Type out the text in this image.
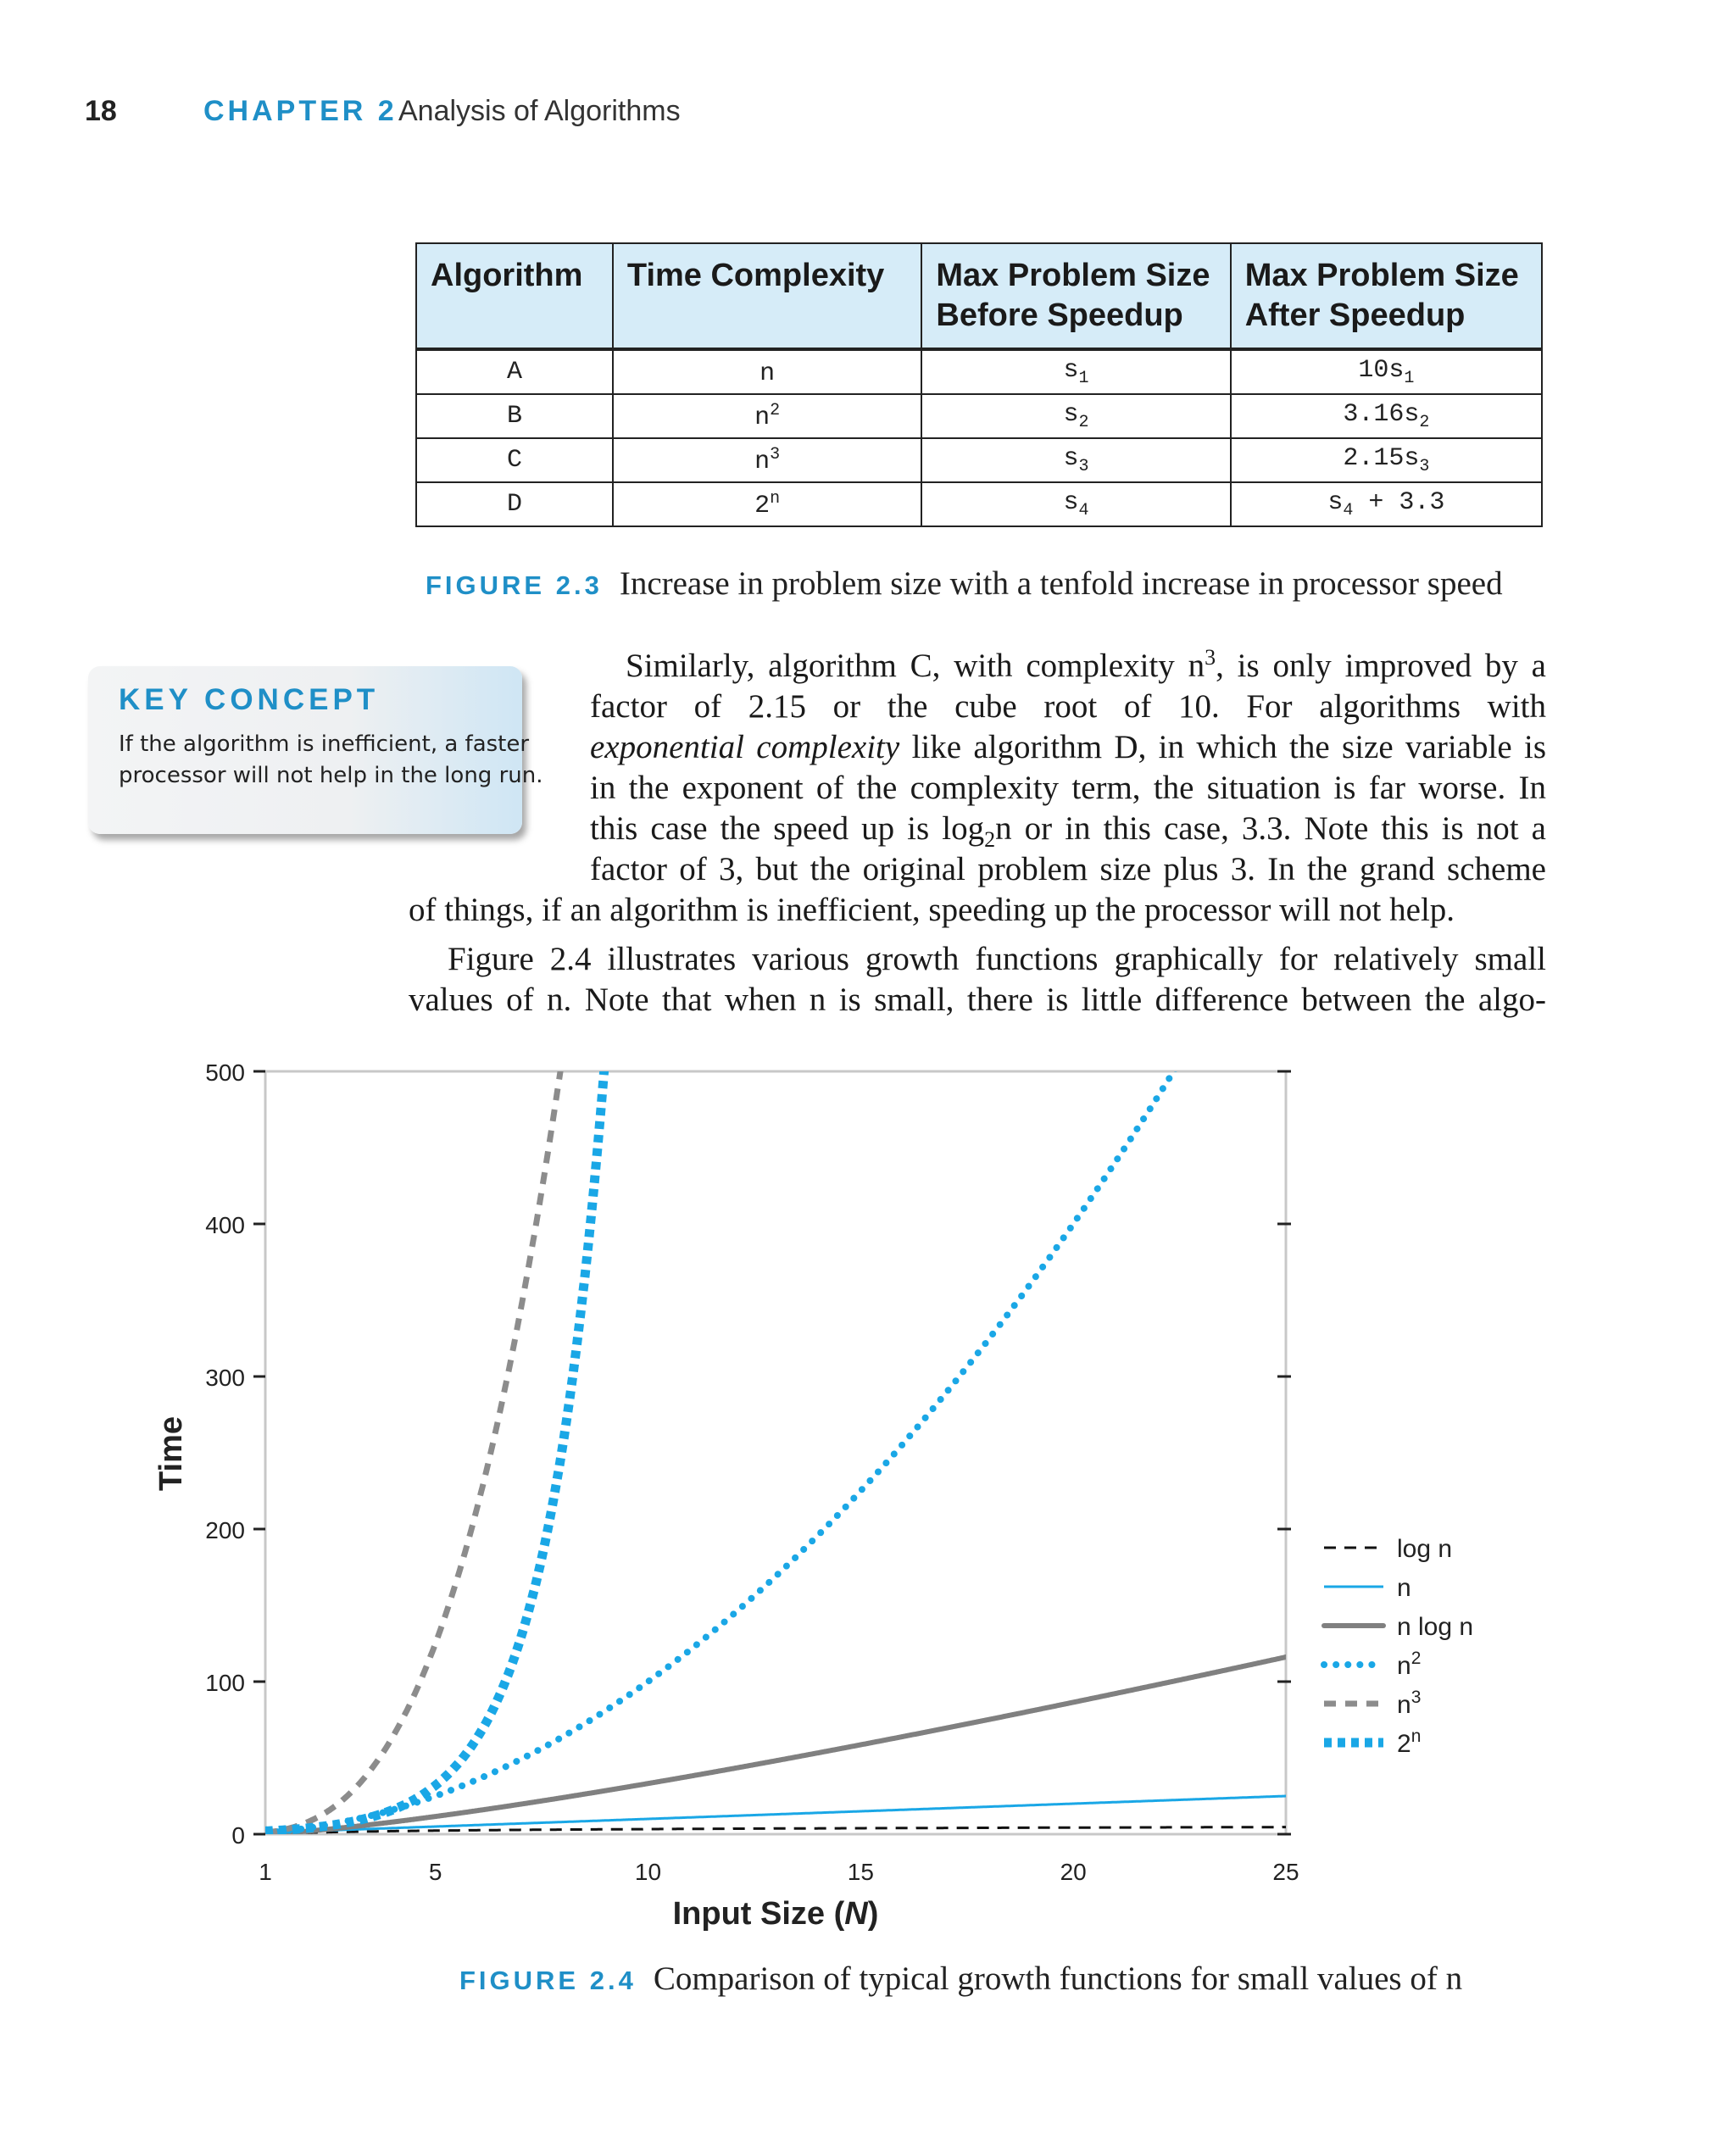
18	CHAPTER 2 Analysis of Algorithms
Algorithm	Time Complexity	Max Problem Size Before Speedup	Max Problem Size After Speedup

A	n	$s_1$	$10s_1$
B	$n^2$	$s_2$	$3.16s_2$
C	$n^3$	$s_3$	$2.15s_3$
D	2$^n$	$s_4$	$s_4 + 3.3$
FIGURE 2.3 Increase in problem size with a tenfold increase in processor speed
KEY CONCEPT
If the algorithm is inefficient, a faster processor will not help in the long run.
Similarly, algorithm C, with complexity $n^3$, is only improved by a
factor of 2.15 or the cube root of 10. For algorithms with
exponential complexity like algorithm D, in which the size variable is
in the exponent of the complexity term, the situation is far worse. In
this case the speed up is $\log_2n$ or in this case, 3.3. Note this is not a
factor of 3, but the original problem size plus 3. In the grand scheme
of things, if an algorithm is inefficient, speeding up the processor will not help.
Figure 2.4 illustrates various growth functions graphically for relatively small
values of n. Note that when n is small, there is little difference between the algo-
0
100
200
300
400
500
1	5	10	15	20	25
log n
n
n log n
$n^2$
$n^3$
2$^n$
Time
Input Size (N)
FIGURE 2.4 Comparison of typical growth functions for small values of n
